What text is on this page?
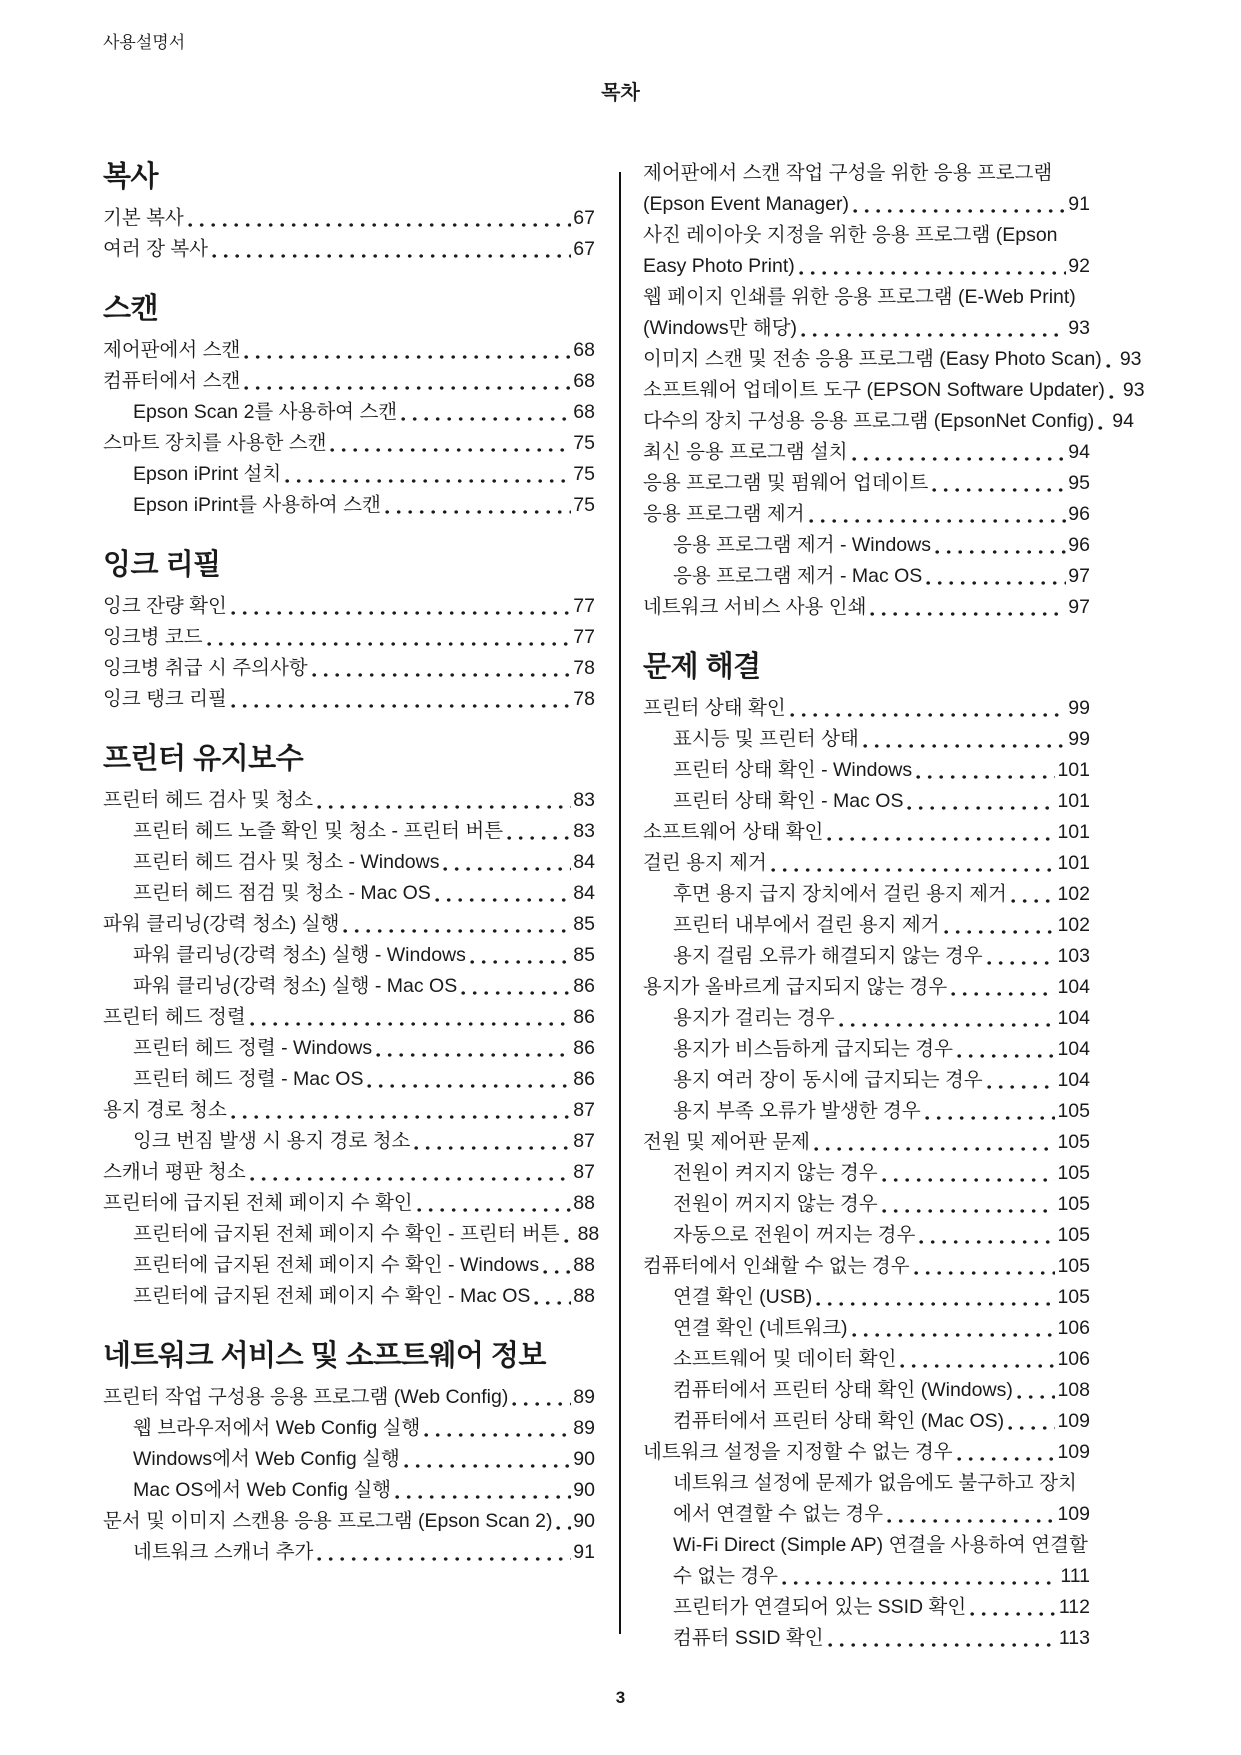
사용설명서
목차
복사
기본 복사	67
여러 장 복사	67
스캔
제어판에서 스캔	68
컴퓨터에서 스캔	68
Epson Scan 2를 사용하여 스캔	68
스마트 장치를 사용한 스캔	75
Epson iPrint 설치	75
Epson iPrint를 사용하여 스캔	75
잉크 리필
잉크 잔량 확인	77
잉크병 코드	77
잉크병 취급 시 주의사항	78
잉크 탱크 리필	78
프린터 유지보수
프린터 헤드 검사 및 청소	83
프린터 헤드 노즐 확인 및 청소 - 프린터 버튼	83
프린터 헤드 검사 및 청소 - Windows	84
프린터 헤드 점검 및 청소 - Mac OS	84
파워 클리닝(강력 청소) 실행	85
파워 클리닝(강력 청소) 실행 - Windows	85
파워 클리닝(강력 청소) 실행 - Mac OS	86
프린터 헤드 정렬	86
프린터 헤드 정렬 - Windows	86
프린터 헤드 정렬 - Mac OS	86
용지 경로 청소	87
잉크 번짐 발생 시 용지 경로 청소	87
스캐너 평판 청소	87
프린터에 급지된 전체 페이지 수 확인	88
프린터에 급지된 전체 페이지 수 확인 - 프린터 버튼 88
프린터에 급지된 전체 페이지 수 확인 - Windows 88
프린터에 급지된 전체 페이지 수 확인 - Mac OS 88
네트워크 서비스 및 소프트웨어 정보
프린터 작업 구성용 응용 프로그램 (Web Config)	89
웹 브라우저에서 Web Config 실행	89
Windows에서 Web Config 실행	90
Mac OS에서 Web Config 실행	90
문서 및 이미지 스캔용 응용 프로그램 (Epson Scan 2) 90
네트워크 스캐너 추가	91
제어판에서 스캔 작업 구성을 위한 응용 프로그램
(Epson Event Manager)	91
사진 레이아웃 지정을 위한 응용 프로그램 (Epson
Easy Photo Print)	92
웹 페이지 인쇄를 위한 응용 프로그램 (E-Web Print)
(Windows만 해당)	93
이미지 스캔 및 전송 응용 프로그램 (Easy Photo Scan) 93
소프트웨어 업데이트 도구 (EPSON Software Updater) 93
다수의 장치 구성용 응용 프로그램 (EpsonNet Config) 94
최신 응용 프로그램 설치	94
응용 프로그램 및 펌웨어 업데이트	95
응용 프로그램 제거	96
응용 프로그램 제거 - Windows	96
응용 프로그램 제거 - Mac OS	97
네트워크 서비스 사용 인쇄	97
문제 해결
프린터 상태 확인	99
표시등 및 프린터 상태	99
프린터 상태 확인 - Windows	101
프린터 상태 확인 - Mac OS	101
소프트웨어 상태 확인	101
걸린 용지 제거	101
후면 용지 급지 장치에서 걸린 용지 제거	102
프린터 내부에서 걸린 용지 제거	102
용지 걸림 오류가 해결되지 않는 경우	103
용지가 올바르게 급지되지 않는 경우	104
용지가 걸리는 경우	104
용지가 비스듬하게 급지되는 경우	104
용지 여러 장이 동시에 급지되는 경우	104
용지 부족 오류가 발생한 경우	105
전원 및 제어판 문제	105
전원이 켜지지 않는 경우	105
전원이 꺼지지 않는 경우	105
자동으로 전원이 꺼지는 경우	105
컴퓨터에서 인쇄할 수 없는 경우	105
연결 확인 (USB)	105
연결 확인 (네트워크)	106
소프트웨어 및 데이터 확인	106
컴퓨터에서 프린터 상태 확인 (Windows) 108
컴퓨터에서 프린터 상태 확인 (Mac OS)	109
네트워크 설정을 지정할 수 없는 경우	109
네트워크 설정에 문제가 없음에도 불구하고 장치
에서 연결할 수 없는 경우	109
Wi-Fi Direct (Simple AP) 연결을 사용하여 연결할
수 없는 경우	111
프린터가 연결되어 있는 SSID 확인	112
컴퓨터 SSID 확인	113
3
